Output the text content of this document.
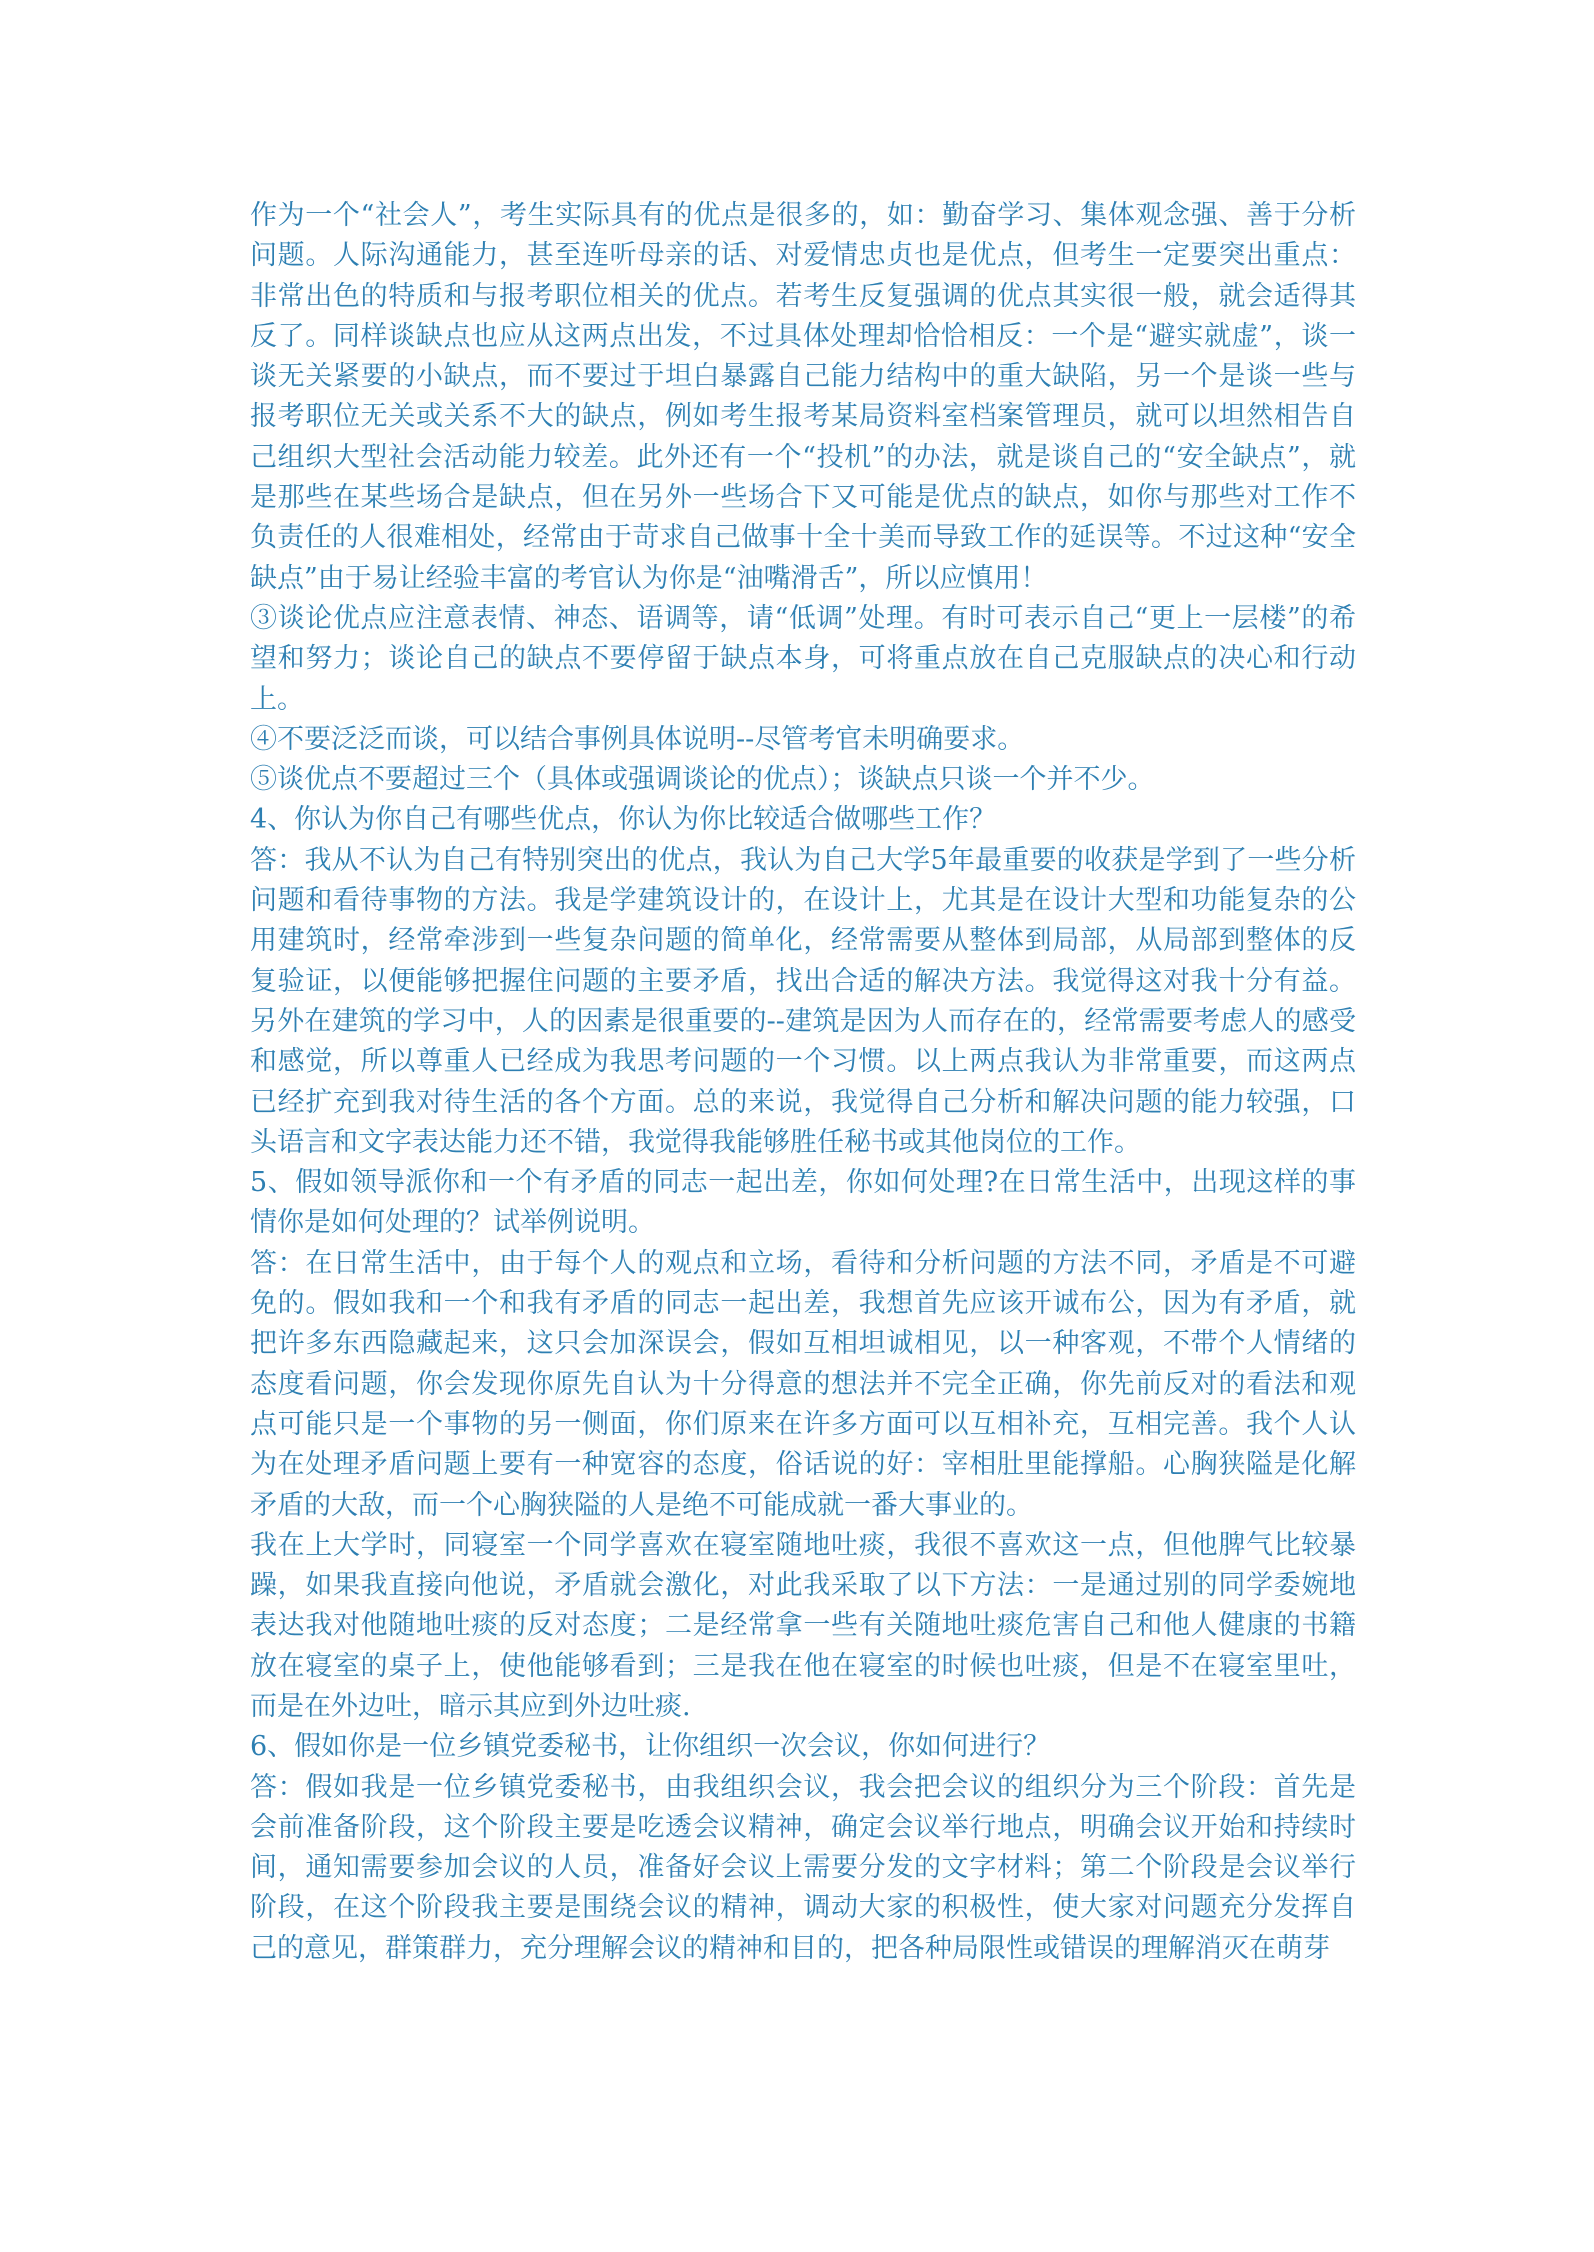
作为一个“社会人”，考生实际具有的优点是很多的，如：勤奋学习、集体观念强、善于分析问题。人际沟通能力，甚至连听母亲的话、对爱情忠贞也是优点，但考生一定要突出重点：非常出色的特质和与报考职位相关的优点。若考生反复强调的优点其实很一般，就会适得其反了。同样谈缺点也应从这两点出发，不过具体处理却恰恰相反：一个是“避实就虚”，谈一谈无关紧要的小缺点，而不要过于坦白暴露自己能力结构中的重大缺陷，另一个是谈一些与报考职位无关或关系不大的缺点，例如考生报考某局资料室档案管理员，就可以坦然相告自己组织大型社会活动能力较差。此外还有一个“投机”的办法，就是谈自己的“安全缺点”，就是那些在某些场合是缺点，但在另外一些场合下又可能是优点的缺点，如你与那些对工作不负责任的人很难相处，经常由于苛求自己做事十全十美而导致工作的延误等。不过这种“安全缺点”由于易让经验丰富的考官认为你是“油嘴滑舌”，所以应慎用！

③谈论优点应注意表情、神态、语调等，请“低调”处理。有时可表示自己“更上一层楼”的希望和努力；谈论自己的缺点不要停留于缺点本身，可将重点放在自己克服缺点的决心和行动上。

④不要泛泛而谈，可以结合事例具体说明--尽管考官未明确要求。

⑤谈优点不要超过三个（具体或强调谈论的优点）；谈缺点只谈一个并不少。

4、你认为你自己有哪些优点，你认为你比较适合做哪些工作？

答：我从不认为自己有特别突出的优点，我认为自己大学5年最重要的收获是学到了一些分析问题和看待事物的方法。我是学建筑设计的，在设计上，尤其是在设计大型和功能复杂的公用建筑时，经常牵涉到一些复杂问题的简单化，经常需要从整体到局部，从局部到整体的反复验证，以便能够把握住问题的主要矛盾，找出合适的解决方法。我觉得这对我十分有益。另外在建筑的学习中，人的因素是很重要的--建筑是因为人而存在的，经常需要考虑人的感受和感觉，所以尊重人已经成为我思考问题的一个习惯。以上两点我认为非常重要，而这两点已经扩充到我对待生活的各个方面。总的来说，我觉得自己分析和解决问题的能力较强，口头语言和文字表达能力还不错，我觉得我能够胜任秘书或其他岗位的工作。

5、假如领导派你和一个有矛盾的同志一起出差，你如何处理?在日常生活中，出现这样的事情你是如何处理的？试举例说明。

答：在日常生活中，由于每个人的观点和立场，看待和分析问题的方法不同，矛盾是不可避免的。假如我和一个和我有矛盾的同志一起出差，我想首先应该开诚布公，因为有矛盾，就把许多东西隐藏起来，这只会加深误会，假如互相坦诚相见，以一种客观，不带个人情绪的态度看问题，你会发现你原先自认为十分得意的想法并不完全正确，你先前反对的看法和观点可能只是一个事物的另一侧面，你们原来在许多方面可以互相补充，互相完善。我个人认为在处理矛盾问题上要有一种宽容的态度，俗话说的好：宰相肚里能撑船。心胸狭隘是化解矛盾的大敌，而一个心胸狭隘的人是绝不可能成就一番大事业的。

我在上大学时，同寝室一个同学喜欢在寝室随地吐痰，我很不喜欢这一点，但他脾气比较暴躁，如果我直接向他说，矛盾就会激化，对此我采取了以下方法：一是通过别的同学委婉地表达我对他随地吐痰的反对态度；二是经常拿一些有关随地吐痰危害自己和他人健康的书籍放在寝室的桌子上，使他能够看到；三是我在他在寝室的时候也吐痰，但是不在寝室里吐，而是在外边吐，暗示其应到外边吐痰.

6、假如你是一位乡镇党委秘书，让你组织一次会议，你如何进行？

答：假如我是一位乡镇党委秘书，由我组织会议，我会把会议的组织分为三个阶段：首先是会前准备阶段，这个阶段主要是吃透会议精神，确定会议举行地点，明确会议开始和持续时间，通知需要参加会议的人员，准备好会议上需要分发的文字材料；第二个阶段是会议举行阶段，在这个阶段我主要是围绕会议的精神，调动大家的积极性，使大家对问题充分发挥自己的意见，群策群力，充分理解会议的精神和目的，把各种局限性或错误的理解消灭在萌芽
